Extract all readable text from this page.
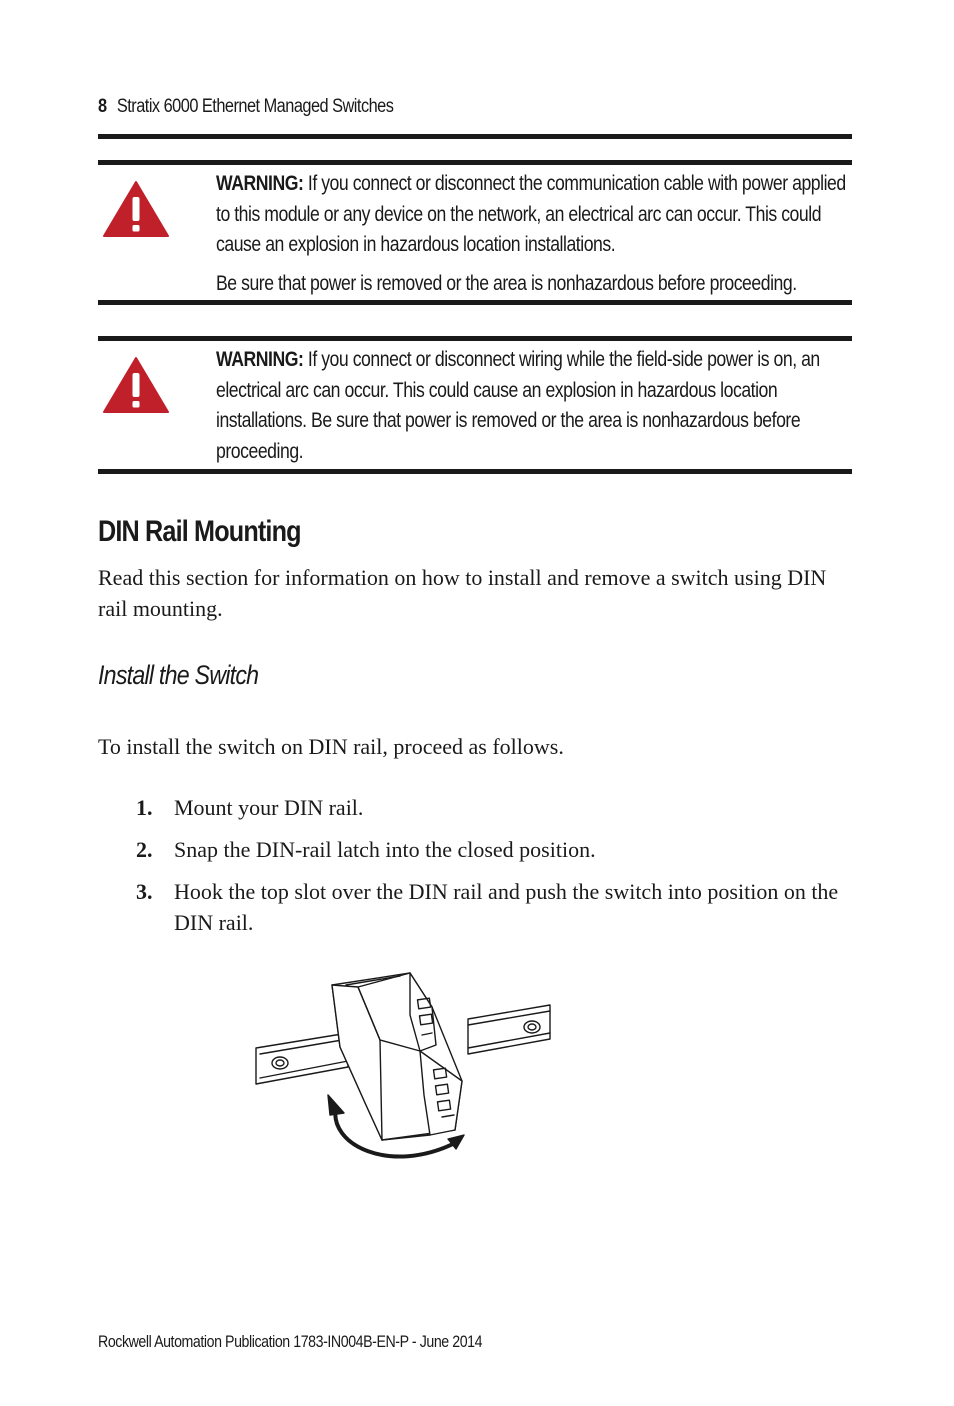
8 Stratix 6000 Ethernet Managed Switches

WARNING: If you connect or disconnect the communication cable with power applied to this module or any device on the network, an electrical arc can occur. This could cause an explosion in hazardous location installations.

Be sure that power is removed or the area is nonhazardous before proceeding.

WARNING: If you connect or disconnect wiring while the field-side power is on, an electrical arc can occur. This could cause an explosion in hazardous location installations. Be sure that power is removed or the area is nonhazardous before proceeding.

DIN Rail Mounting

Read this section for information on how to install and remove a switch using DIN rail mounting.

Install the Switch

To install the switch on DIN rail, proceed as follows.

1. Mount your DIN rail.
2. Snap the DIN-rail latch into the closed position.
3. Hook the top slot over the DIN rail and push the switch into position on the DIN rail.
Rockwell Automation Publication 1783-IN004B-EN-P - June 2014
